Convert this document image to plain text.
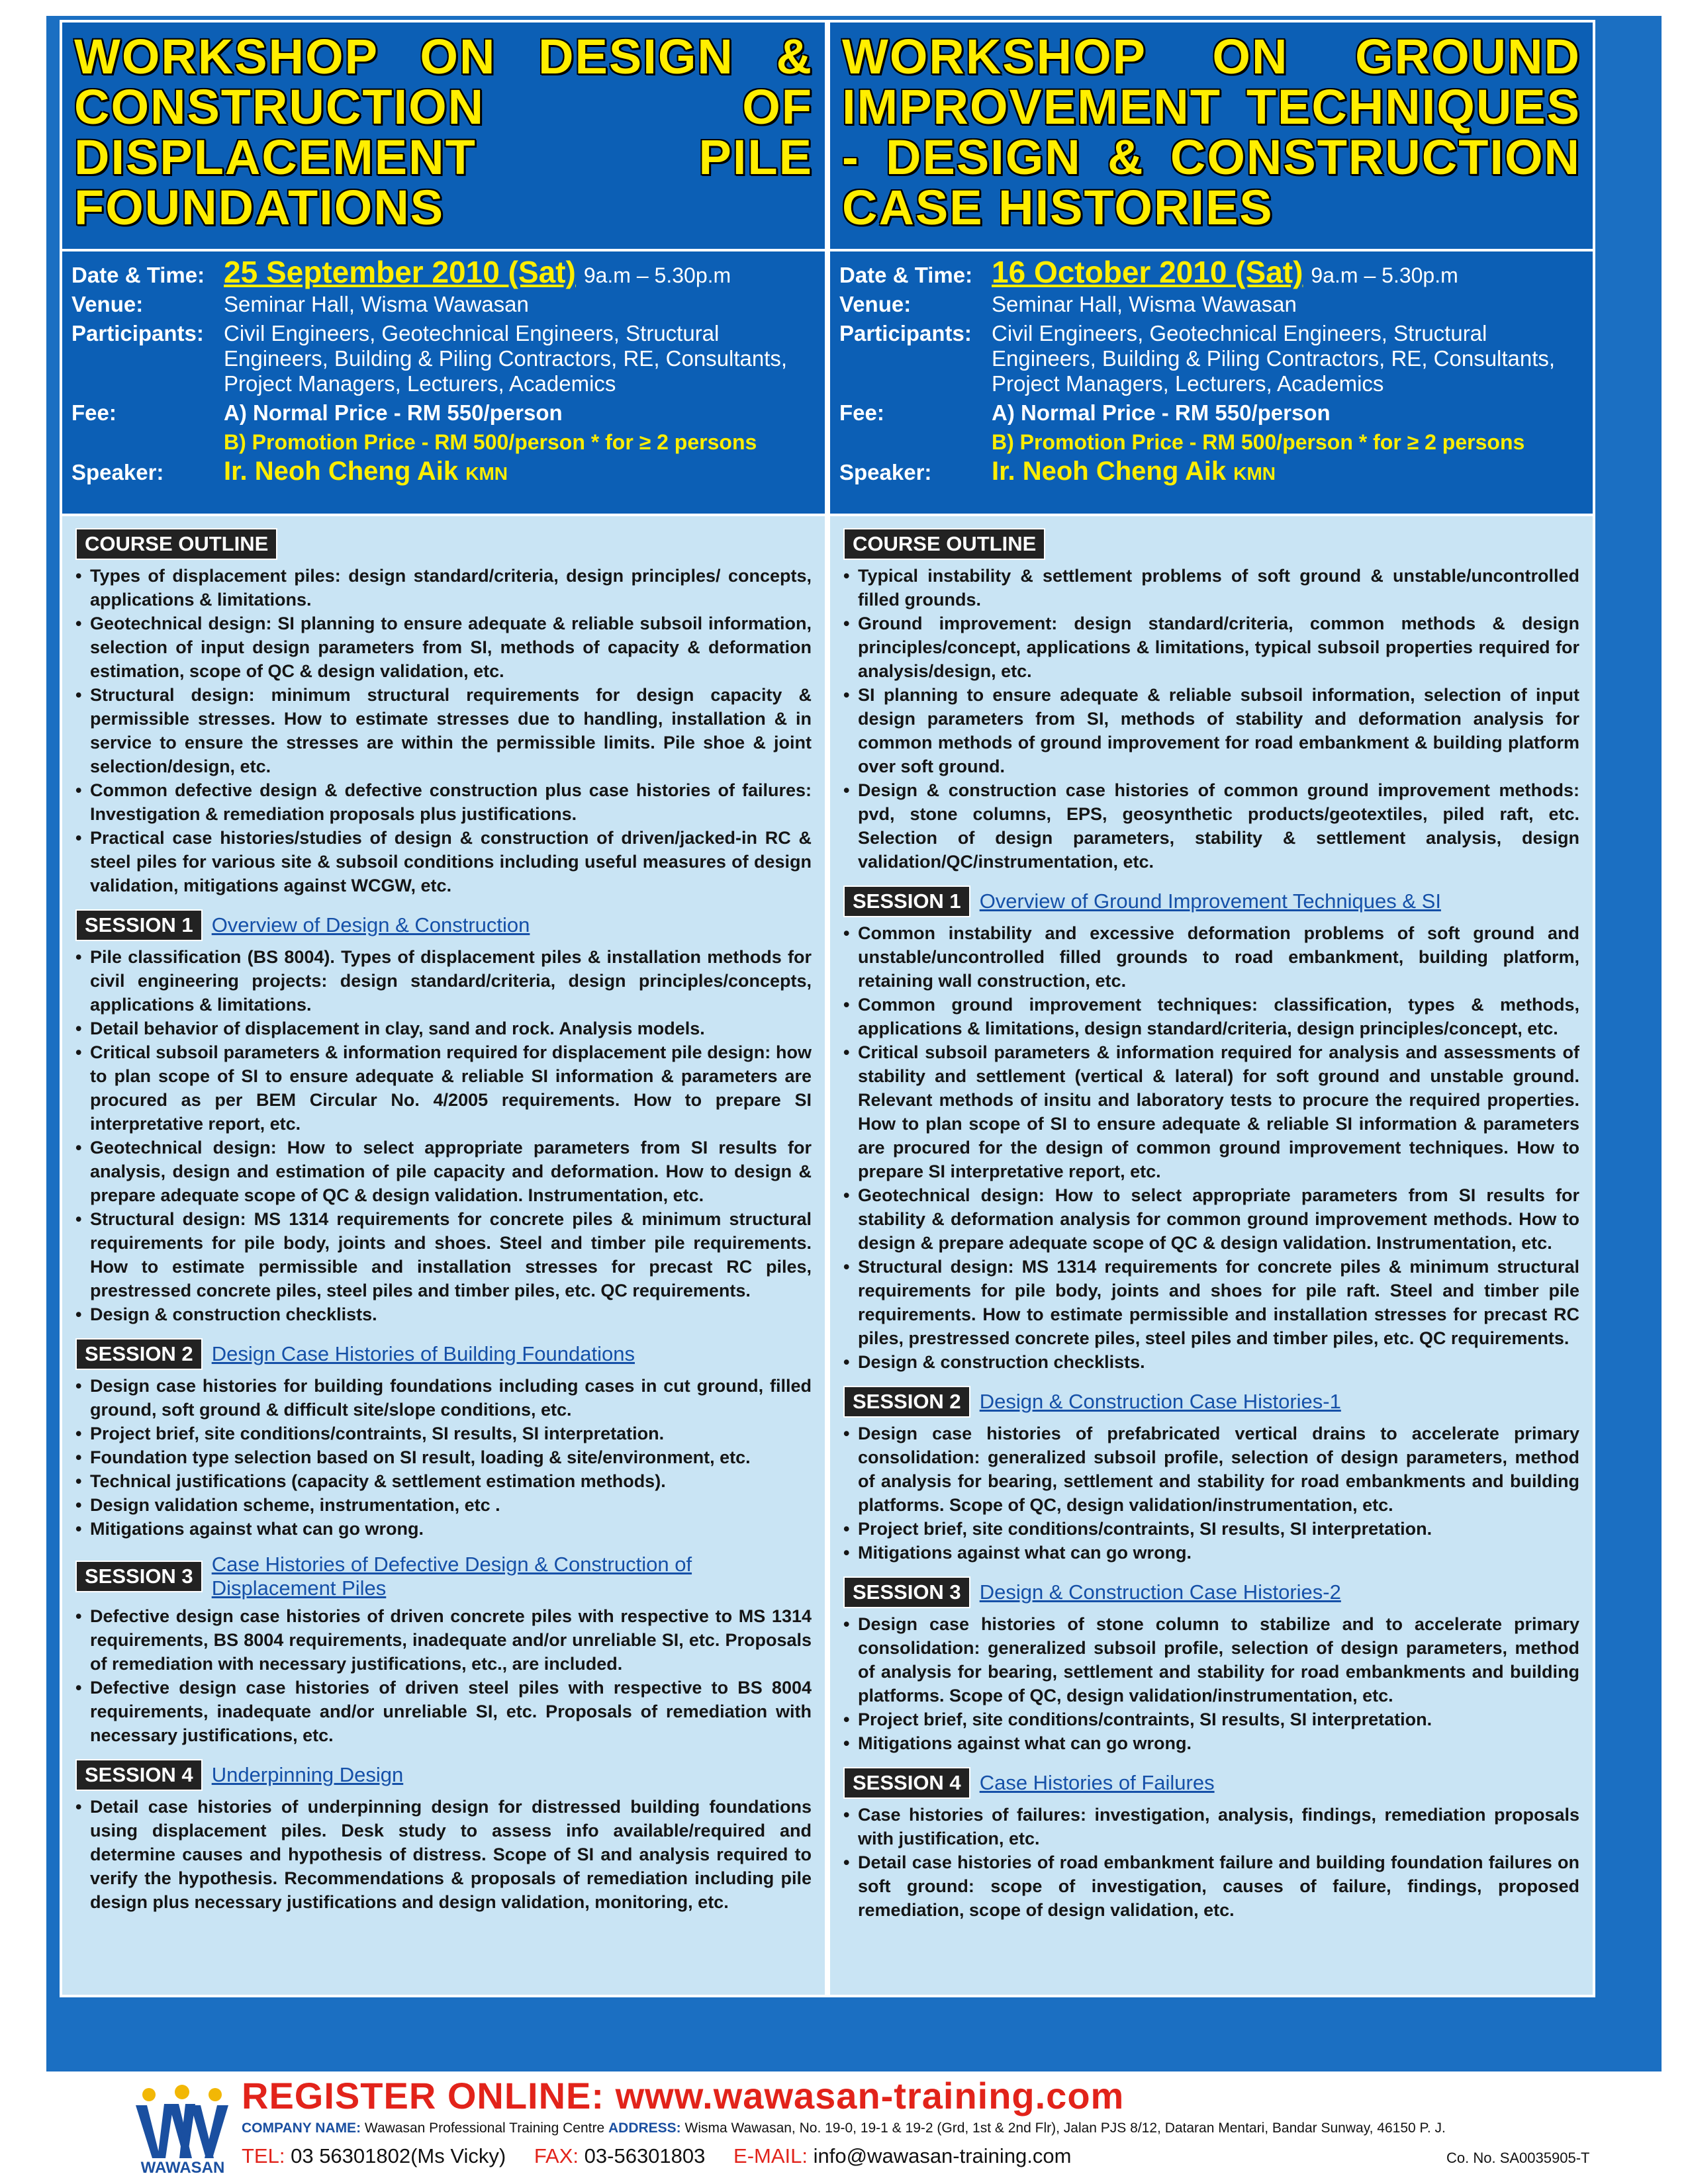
WORKSHOP ON DESIGN & CONSTRUCTION OF DISPLACEMENT PILE FOUNDATIONS
Date & Time: 25 September 2010 (Sat) 9a.m – 5.30p.m
Venue:	Seminar Hall, Wisma Wawasan
Participants: Civil Engineers, Geotechnical Engineers, Structural Engineers, Building & Piling Contractors, RE, Consultants, Project Managers, Lecturers, Academics
Fee:	A) Normal Price - RM 550/person
B) Promotion Price - RM 500/person * for ≥ 2 persons
Speaker:	Ir. Neoh Cheng Aik KMN
COURSE OUTLINE
• Types of displacement piles: design standard/criteria, design principles/ concepts, applications & limitations.
• Geotechnical design: SI planning to ensure adequate & reliable subsoil information, selection of input design parameters from SI, methods of capacity & deformation estimation, scope of QC & design validation, etc.
• Structural design: minimum structural requirements for design capacity & permissible stresses. How to estimate stresses due to handling, installation & in service to ensure the stresses are within the permissible limits. Pile shoe & joint selection/design, etc.
• Common defective design & defective construction plus case histories of failures: Investigation & remediation proposals plus justifications.
• Practical case histories/studies of design & construction of driven/jacked-in RC & steel piles for various site & subsoil conditions including useful measures of design validation, mitigations against WCGW, etc.
SESSION 1 Overview of Design & Construction
• Pile classification (BS 8004). Types of displacement piles & installation methods for civil engineering projects: design standard/criteria, design principles/concepts, applications & limitations.
• Detail behavior of displacement in clay, sand and rock. Analysis models.
• Critical subsoil parameters & information required for displacement pile design: how to plan scope of SI to ensure adequate & reliable SI information & parameters are procured as per BEM Circular No. 4/2005 requirements. How to prepare SI interpretative report, etc.
• Geotechnical design: How to select appropriate parameters from SI results for analysis, design and estimation of pile capacity and deformation. How to design & prepare adequate scope of QC & design validation. Instrumentation, etc.
• Structural design: MS 1314 requirements for concrete piles & minimum structural requirements for pile body, joints and shoes. Steel and timber pile requirements. How to estimate permissible and installation stresses for precast RC piles, prestressed concrete piles, steel piles and timber piles, etc. QC requirements.
• Design & construction checklists.
SESSION 2 Design Case Histories of Building Foundations
• Design case histories for building foundations including cases in cut ground, filled ground, soft ground & difficult site/slope conditions, etc.
• Project brief, site conditions/contraints, SI results, SI interpretation.
• Foundation type selection based on SI result, loading & site/environment, etc.
• Technical justifications (capacity & settlement estimation methods).
• Design validation scheme, instrumentation, etc .
• Mitigations against what can go wrong.
SESSION 3
Case Histories of Defective Design & Construction of Displacement Piles
• Defective design case histories of driven concrete piles with respective to MS 1314 requirements, BS 8004 requirements, inadequate and/or unreliable SI, etc. Proposals of remediation with necessary justifications, etc., are included.
• Defective design case histories of driven steel piles with respective to BS 8004 requirements, inadequate and/or unreliable SI, etc. Proposals of remediation with necessary justifications, etc.
SESSION 4 Underpinning Design
• Detail case histories of underpinning design for distressed building foundations using displacement piles. Desk study to assess info available/required and determine causes and hypothesis of distress. Scope of SI and analysis required to verify the hypothesis. Recommendations & proposals of remediation including pile design plus necessary justifications and design validation, monitoring, etc.
WORKSHOP ON GROUND IMPROVEMENT TECHNIQUES - DESIGN & CONSTRUCTION CASE HISTORIES
Date & Time: 16 October 2010 (Sat) 9a.m – 5.30p.m
Venue:	Seminar Hall, Wisma Wawasan
Participants: Civil Engineers, Geotechnical Engineers, Structural Engineers, Building & Piling Contractors, RE, Consultants, Project Managers, Lecturers, Academics
Fee:	A) Normal Price - RM 550/person
B) Promotion Price - RM 500/person * for ≥ 2 persons
Speaker:	Ir. Neoh Cheng Aik KMN
COURSE OUTLINE
• Typical instability & settlement problems of soft ground & unstable/uncontrolled filled grounds.
• Ground improvement: design standard/criteria, common methods & design principles/concept, applications & limitations, typical subsoil properties required for analysis/design, etc.
• SI planning to ensure adequate & reliable subsoil information, selection of input design parameters from SI, methods of stability and deformation analysis for common methods of ground improvement for road embankment & building platform over soft ground.
• Design & construction case histories of common ground improvement methods: pvd, stone columns, EPS, geosynthetic products/geotextiles, piled raft, etc. Selection of design parameters, stability & settlement analysis, design validation/QC/instrumentation, etc.
SESSION 1 Overview of Ground Improvement Techniques & SI
• Common instability and excessive deformation problems of soft ground and unstable/uncontrolled filled grounds to road embankment, building platform, retaining wall construction, etc.
• Common ground improvement techniques: classification, types & methods, applications & limitations, design standard/criteria, design principles/concept, etc.
• Critical subsoil parameters & information required for analysis and assessments of stability and settlement (vertical & lateral) for soft ground and unstable ground. Relevant methods of insitu and laboratory tests to procure the required properties. How to plan scope of SI to ensure adequate & reliable SI information & parameters are procured for the design of common ground improvement techniques. How to prepare SI interpretative report, etc.
• Geotechnical design: How to select appropriate parameters from SI results for stability & deformation analysis for common ground improvement methods. How to design & prepare adequate scope of QC & design validation. Instrumentation, etc.
• Structural design: MS 1314 requirements for concrete piles & minimum structural requirements for pile body, joints and shoes for pile raft. Steel and timber pile requirements. How to estimate permissible and installation stresses for precast RC piles, prestressed concrete piles, steel piles and timber piles, etc. QC requirements.
• Design & construction checklists.
SESSION 2 Design & Construction Case Histories-1
• Design case histories of prefabricated vertical drains to accelerate primary consolidation: generalized subsoil profile, selection of design parameters, method of analysis for bearing, settlement and stability for road embankments and building platforms. Scope of QC, design validation/instrumentation, etc.
• Project brief, site conditions/contraints, SI results, SI interpretation.
• Mitigations against what can go wrong.
SESSION 3 Design & Construction Case Histories-2
• Design case histories of stone column to stabilize and to accelerate primary consolidation: generalized subsoil profile, selection of design parameters, method of analysis for bearing, settlement and stability for road embankments and building platforms. Scope of QC, design validation/instrumentation, etc.
• Project brief, site conditions/contraints, SI results, SI interpretation.
• Mitigations against what can go wrong.
SESSION 4 Case Histories of Failures
• Case histories of failures: investigation, analysis, findings, remediation proposals with justification, etc.
• Detail case histories of road embankment failure and building foundation failures on soft ground: scope of investigation, causes of failure, findings, proposed remediation, scope of design validation, etc.
WAWASAN
REGISTER ONLINE: www.wawasan-training.com
COMPANY NAME: Wawasan Professional Training Centre ADDRESS: Wisma Wawasan, No. 19-0, 19-1 & 19-2 (Grd, 1st & 2nd Flr), Jalan PJS 8/12, Dataran Mentari, Bandar Sunway, 46150 P. J.
TEL: 03 56301802(Ms Vicky) FAX: 03-56301803 E-MAIL: info@wawasan-training.com	Co. No. SA0035905-T
